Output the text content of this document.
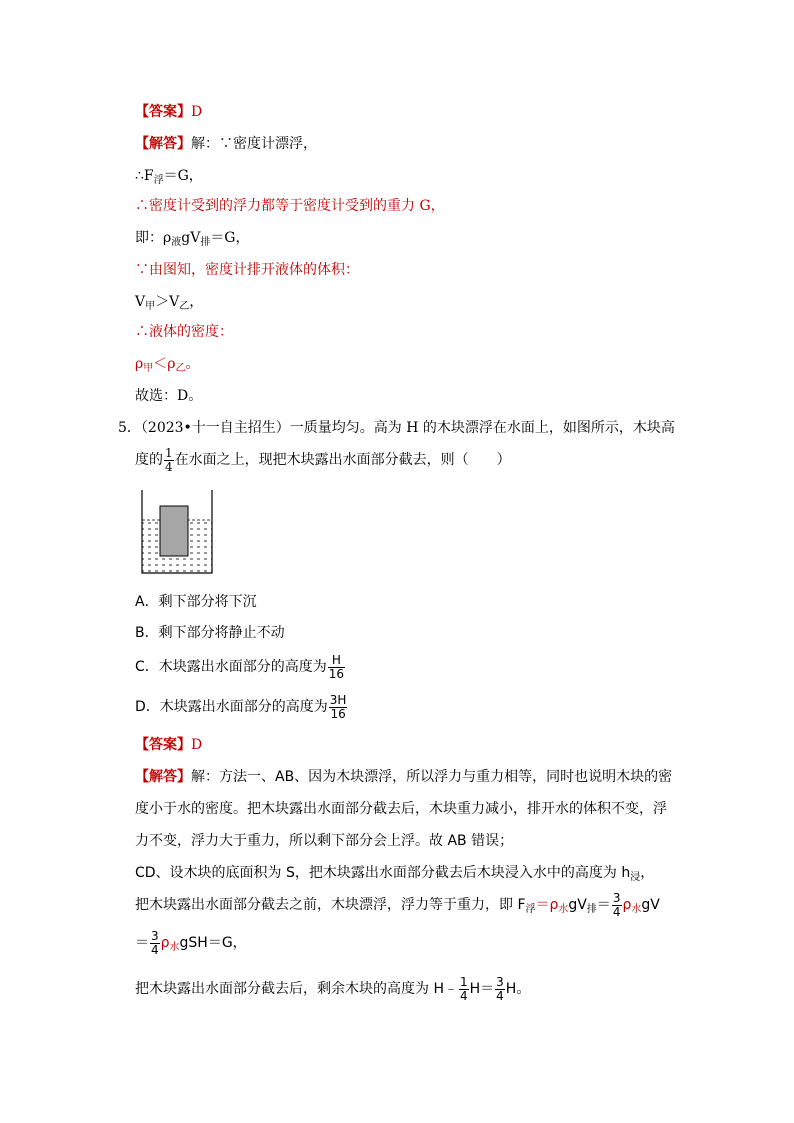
【答案】D
【解答】解：∵密度计漂浮，
$\therefore F_浮=G$，
∴密度计受到的浮力都等于密度计受到的重力 G，
即：$\rho_液gV_排=G$，
∵由图知，密度计排开液体的体积：
$V_甲>V_乙$，
∴液体的密度：
$\rho_甲<\rho_乙$。
故选：D。
5．（2023•十一自主招生）一质量均匀。高为 H 的木块漂浮在水面上，如图所示，木块高
度的 $\frac{1}{4}$ 在水面之上，现把木块露出水面部分截去，则（　　）
A．剩下部分将下沉
B．剩下部分将静止不动
C．木块露出水面部分的高度为 $\frac{H}{16}$
D．木块露出水面部分的高度为 $\frac{3H}{16}$
【答案】D
【解答】解：方法一、AB、因为木块漂浮，所以浮力与重力相等，同时也说明木块的密
度小于水的密度。把木块露出水面部分截去后，木块重力减小，排开水的体积不变，浮
力不变，浮力大于重力，所以剩下部分会上浮。故 AB 错误；
CD、设木块的底面积为 S，把木块露出水面部分截去后木块浸入水中的高度为 $h_浸$，
把木块露出水面部分截去之前，木块漂浮，浮力等于重力，即 $F_浮=\rho_水gV_排= \frac{3}{4} \rho_水gV$
＝ $\frac{3}{4} \rho_水gSH=G$，
把木块露出水面部分截去后，剩余木块的高度为 H﹣ $\frac{1}{4} H= \frac{3}{4}$ H。
